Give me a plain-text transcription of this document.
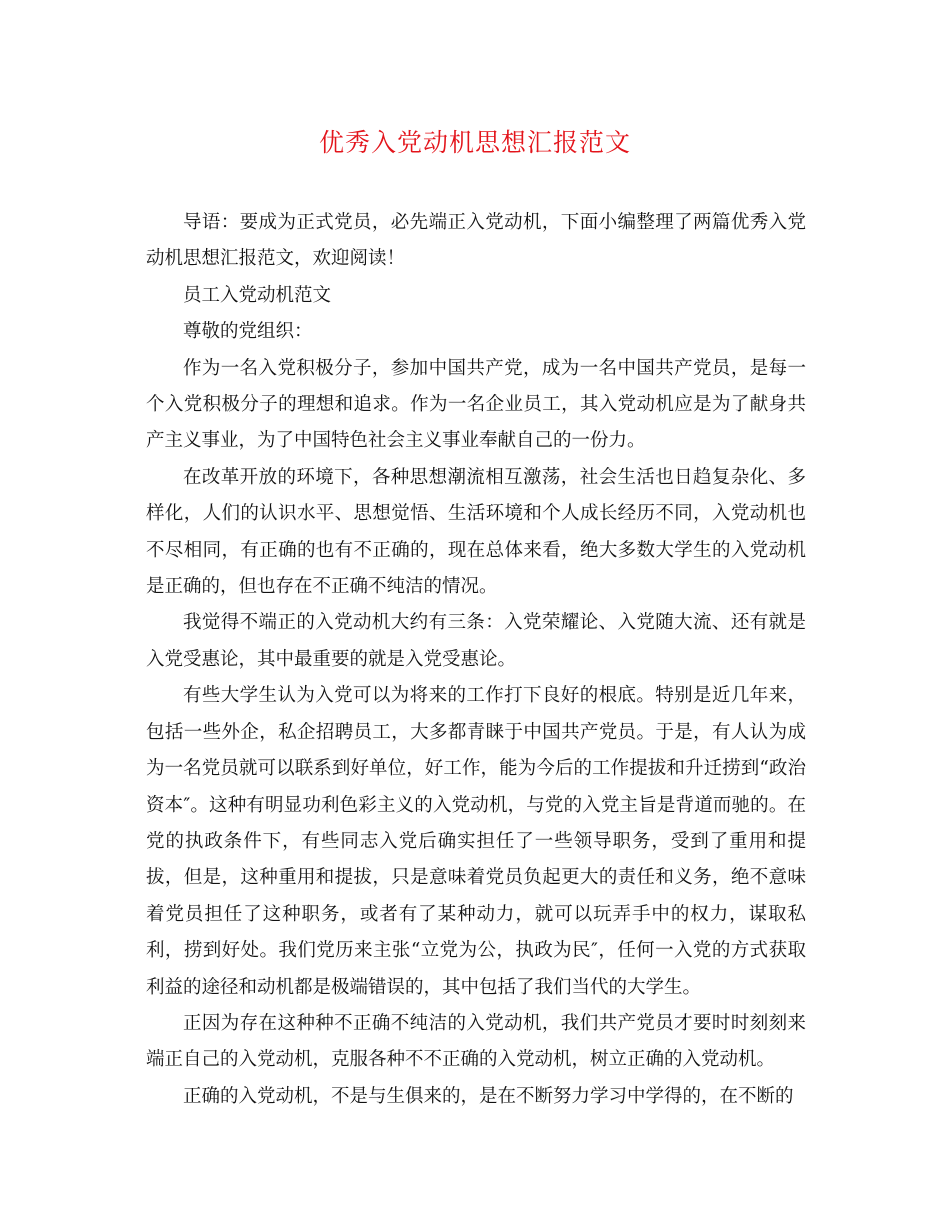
优秀入党动机思想汇报范文

导语：要成为正式党员，必先端正入党动机，下面小编整理了两篇优秀入党动机思想汇报范文，欢迎阅读！

员工入党动机范文

尊敬的党组织：

作为一名入党积极分子，参加中国共产党，成为一名中国共产党员，是每一个入党积极分子的理想和追求。作为一名企业员工，其入党动机应是为了献身共产主义事业，为了中国特色社会主义事业奉献自己的一份力。

在改革开放的环境下，各种思想潮流相互激荡，社会生活也日趋复杂化、多样化，人们的认识水平、思想觉悟、生活环境和个人成长经历不同，入党动机也不尽相同，有正确的也有不正确的，现在总体来看，绝大多数大学生的入党动机是正确的，但也存在不正确不纯洁的情况。

我觉得不端正的入党动机大约有三条：入党荣耀论、入党随大流、还有就是入党受惠论，其中最重要的就是入党受惠论。

有些大学生认为入党可以为将来的工作打下良好的根底。特别是近几年来，包括一些外企，私企招聘员工，大多都青睐于中国共产党员。于是，有人认为成为一名党员就可以联系到好单位，好工作，能为今后的工作提拔和升迁捞到“政治资本″。这种有明显功利色彩主义的入党动机，与党的入党主旨是背道而驰的。在党的执政条件下，有些同志入党后确实担任了一些领导职务，受到了重用和提拔，但是，这种重用和提拔，只是意味着党员负起更大的责任和义务，绝不意味着党员担任了这种职务，或者有了某种动力，就可以玩弄手中的权力，谋取私利，捞到好处。我们党历来主张“立党为公，执政为民″，任何一入党的方式获取利益的途径和动机都是极端错误的，其中包括了我们当代的大学生。

正因为存在这种种不正确不纯洁的入党动机，我们共产党员才要时时刻刻来端正自己的入党动机，克服各种不不正确的入党动机，树立正确的入党动机。

正确的入党动机，不是与生俱来的，是在不断努力学习中学得的，在不断的
